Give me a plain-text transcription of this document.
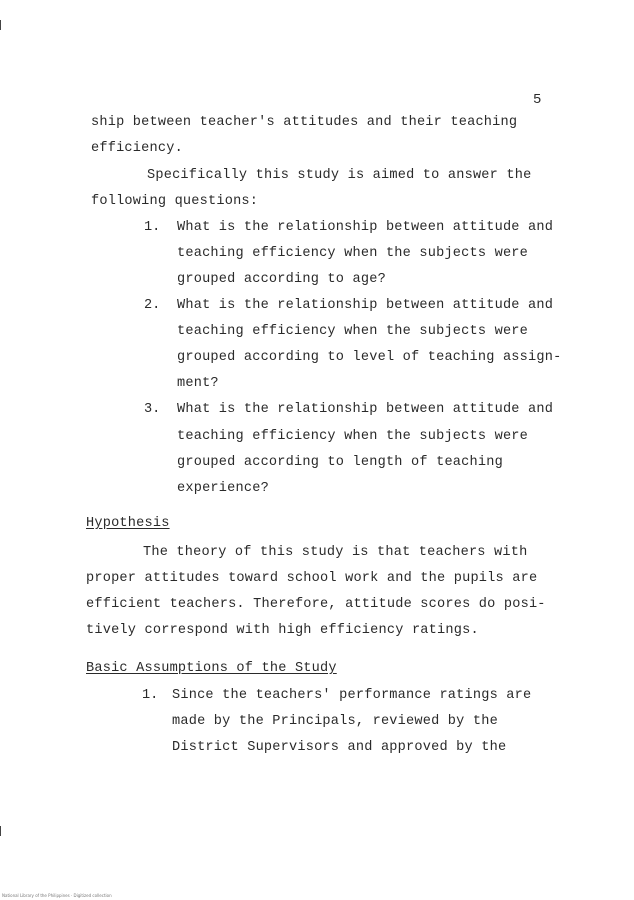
5
ship between teacher's attitudes and their teaching
efficiency.
Specifically this study is aimed to answer the
following questions:
1. What is the relationship between attitude and
teaching efficiency when the subjects were
grouped according to age?
2. What is the relationship between attitude and
teaching efficiency when the subjects were
grouped according to level of teaching assign-
ment?
3. What is the relationship between attitude and
teaching efficiency when the subjects were
grouped according to length of teaching
experience?
Hypothesis
The theory of this study is that teachers with
proper attitudes toward school work and the pupils are
efficient teachers. Therefore, attitude scores do posi-
tively correspond with high efficiency ratings.
Basic Assumptions of the Study
1. Since the teachers' performance ratings are
made by the Principals, reviewed by the
District Supervisors and approved by the
National Library of the Philippines · Digitized collection
